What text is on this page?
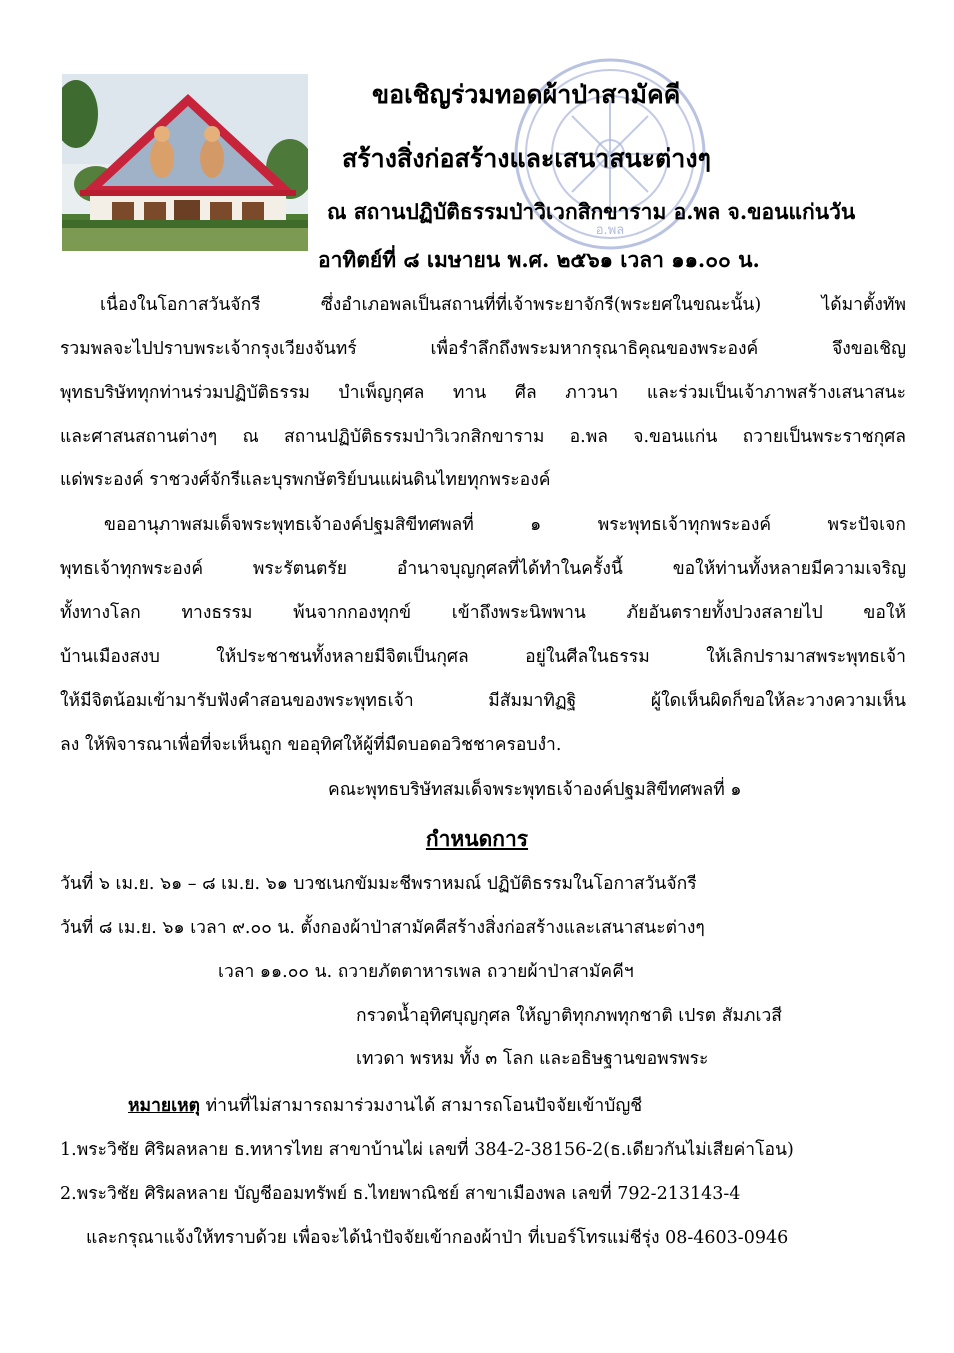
อ.พล
ขอเชิญร่วมทอดผ้าป่าสามัคคี
สร้างสิ่งก่อสร้างและเสนาสนะต่างๆ
ณ สถานปฏิบัติธรรมป่าวิเวกสิกขาราม อ.พล จ.ขอนแก่นวัน
อาทิตย์ที่ ๘ เมษายน พ.ศ. ๒๕๖๑ เวลา ๑๑.๐๐ น.
เนื่องในโอกาสวันจักรี ซึ่งอำเภอพลเป็นสถานที่ที่เจ้าพระยาจักรี(พระยศในขณะนั้น) ได้มาตั้งทัพ
รวมพลจะไปปราบพระเจ้ากรุงเวียงจันทร์ เพื่อรำลึกถึงพระมหากรุณาธิคุณของพระองค์ จึงขอเชิญ
พุทธบริษัททุกท่านร่วมปฏิบัติธรรม บำเพ็ญกุศล ทาน ศีล ภาวนา และร่วมเป็นเจ้าภาพสร้างเสนาสนะ
และศาสนสถานต่างๆ ณ สถานปฏิบัติธรรมป่าวิเวกสิกขาราม อ.พล จ.ขอนแก่น ถวายเป็นพระราชกุศล
แด่พระองค์ ราชวงศ์จักรีและบุรพกษัตริย์บนแผ่นดินไทยทุกพระองค์
ขออานุภาพสมเด็จพระพุทธเจ้าองค์ปฐมสิขีทศพลที่ ๑ พระพุทธเจ้าทุกพระองค์ พระปัจเจก
พุทธเจ้าทุกพระองค์ พระรัตนตรัย อำนาจบุญกุศลที่ได้ทำในครั้งนี้ ขอให้ท่านทั้งหลายมีความเจริญ
ทั้งทางโลก ทางธรรม พ้นจากกองทุกข์ เข้าถึงพระนิพพาน ภัยอันตรายทั้งปวงสลายไป ขอให้
บ้านเมืองสงบ ให้ประชาชนทั้งหลายมีจิตเป็นกุศล อยู่ในศีลในธรรม ให้เลิกปรามาสพระพุทธเจ้า
ให้มีจิตน้อมเข้ามารับฟังคำสอนของพระพุทธเจ้า มีสัมมาทิฏฐิ ผู้ใดเห็นผิดก็ขอให้ละวางความเห็น
ลง ให้พิจารณาเพื่อที่จะเห็นถูก ขออุทิศให้ผู้ที่มืดบอดอวิชชาครอบงำ.
คณะพุทธบริษัทสมเด็จพระพุทธเจ้าองค์ปฐมสิขีทศพลที่ ๑
กำหนดการ
วันที่ ๖ เม.ย. ๖๑ – ๘ เม.ย. ๖๑ บวชเนกขัมมะชีพราหมณ์ ปฏิบัติธรรมในโอกาสวันจักรี
วันที่ ๘ เม.ย. ๖๑ เวลา ๙.๐๐ น. ตั้งกองผ้าป่าสามัคคีสร้างสิ่งก่อสร้างและเสนาสนะต่างๆ
เวลา ๑๑.๐๐ น. ถวายภัตตาหารเพล ถวายผ้าป่าสามัคคีฯ
กรวดน้ำอุทิศบุญกุศล ให้ญาติทุกภพทุกชาติ เปรต สัมภเวสี
เทวดา พรหม ทั้ง ๓ โลก และอธิษฐานขอพรพระ
หมายเหตุ ท่านที่ไม่สามารถมาร่วมงานได้ สามารถโอนปัจจัยเข้าบัญชี
1.พระวิชัย ศิริผลหลาย ธ.ทหารไทย สาขาบ้านไผ่ เลขที่ 384-2-38156-2(ธ.เดียวกันไม่เสียค่าโอน)
2.พระวิชัย ศิริผลหลาย บัญชีออมทรัพย์ ธ.ไทยพาณิชย์ สาขาเมืองพล เลขที่ 792-213143-4
และกรุณาแจ้งให้ทราบด้วย เพื่อจะได้นำปัจจัยเข้ากองผ้าป่า ที่เบอร์โทรแม่ชีรุ่ง 08-4603-0946
